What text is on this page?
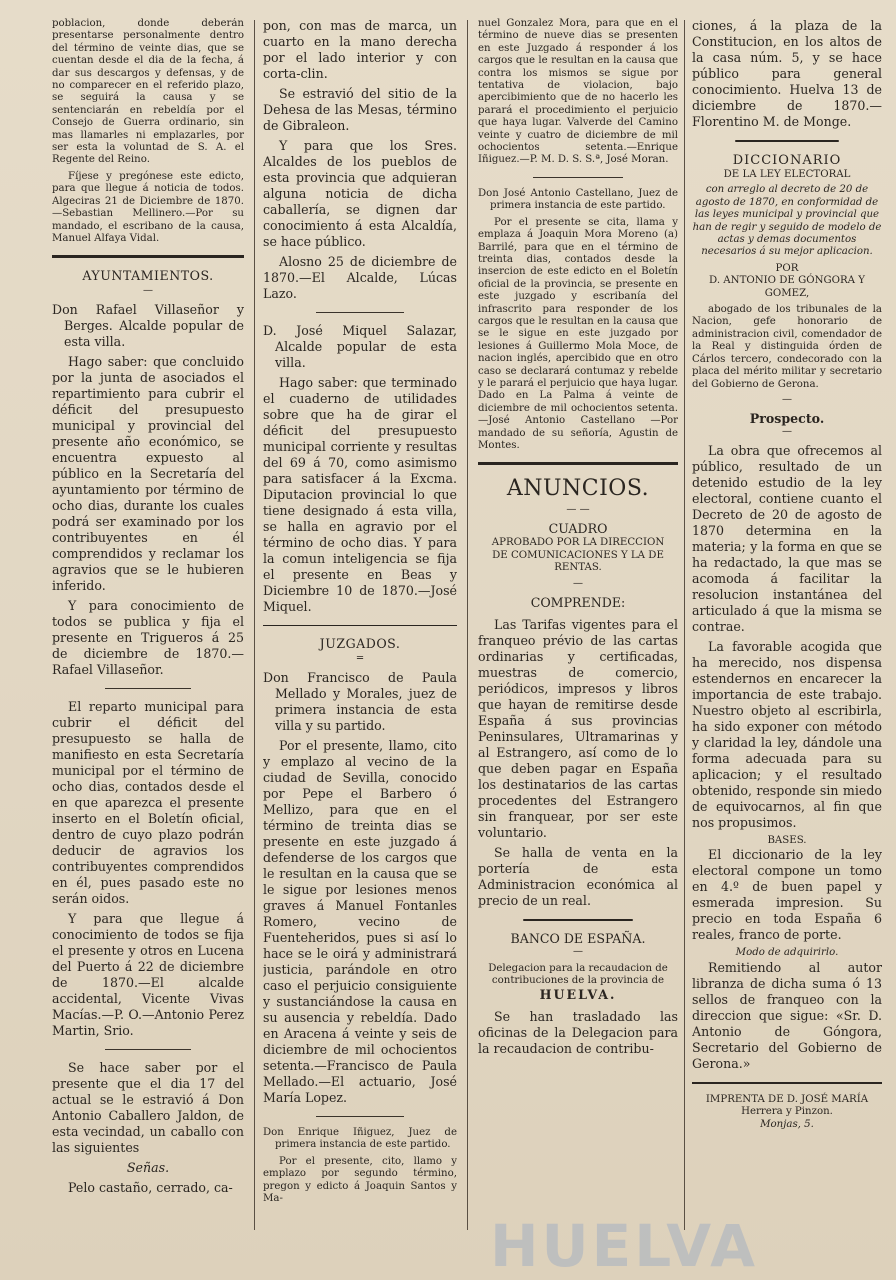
poblacion, donde deberán presentarse personalmente dentro del término de veinte dias, que se cuentan desde el dia de la fecha, á dar sus descargos y defensas, y de no comparecer en el referido plazo, se seguirá la causa y se sentenciarán en rebeldía por el Consejo de Guerra ordinario, sin mas llamarles ni emplazarles, por ser esta la voluntad de S. A. el Regente del Reino.

Fíjese y pregónese este edicto, para que llegue á noticia de todos. Algeciras 21 de Diciembre de 1870. —Sebastian Mellinero.—Por su mandado, el escribano de la causa, Manuel Alfaya Vidal.

AYUNTAMIENTOS.
—

Don Rafael Villaseñor y Berges. Alcalde popular de esta villa.

Hago saber: que concluido por la junta de asociados el repartimiento para cubrir el déficit del presupuesto municipal y provincial del presente año económico, se encuentra expuesto al público en la Secretaría del ayuntamiento por término de ocho dias, durante los cuales podrá ser examinado por los contribuyentes en él comprendidos y reclamar los agravios que se le hubieren inferido.

Y para conocimiento de todos se publica y fija el presente en Trigueros á 25 de diciembre de 1870.—Rafael Villaseñor.

El reparto municipal para cubrir el déficit del presupuesto se halla de manifiesto en esta Secretaría municipal por el término de ocho dias, contados desde el en que aparezca el presente inserto en el Boletín oficial, dentro de cuyo plazo podrán deducir de agravios los contribuyentes comprendidos en él, pues pasado este no serán oidos.

Y para que llegue á conocimiento de todos se fija el presente y otros en Lucena del Puerto á 22 de diciembre de 1870.—El alcalde accidental, Vicente Vivas Macías.—P. O.—Antonio Perez Martin, Srio.

Se hace saber por el presente que el dia 17 del actual se le estravió á Don Antonio Caballero Jaldon, de esta vecindad, un caballo con las siguientes

Señas.

Pelo castaño, cerrado, ca-

pon, con mas de marca, un cuarto en la mano derecha por el lado interior y con corta-clin.

Se estravió del sitio de la Dehesa de las Mesas, término de Gibraleon.

Y para que los Sres. Alcaldes de los pueblos de esta provincia que adquieran alguna noticia de dicha caballería, se dignen dar conocimiento á esta Alcaldía, se hace público.

Alosno 25 de diciembre de 1870.—El Alcalde, Lúcas Lazo.

D. José Miquel Salazar, Alcalde popular de esta villa.

Hago saber: que terminado el cuaderno de utilidades sobre que ha de girar el déficit del presupuesto municipal corriente y resultas del 69 á 70, como asimismo para satisfacer á la Excma. Diputacion provincial lo que tiene designado á esta villa, se halla en agravio por el término de ocho dias. Y para la comun inteligencia se fija el presente en Beas y Diciembre 10 de 1870.—José Miquel.

JUZGADOS.
═

Don Francisco de Paula Mellado y Morales, juez de primera instancia de esta villa y su partido.

Por el presente, llamo, cito y emplazo al vecino de la ciudad de Sevilla, conocido por Pepe el Barbero ó Mellizo, para que en el término de treinta dias se presente en este juzgado á defenderse de los cargos que le resultan en la causa que se le sigue por lesiones menos graves á Manuel Fontanles Romero, vecino de Fuenteheridos, pues si así lo hace se le oirá y administrará justicia, parándole en otro caso el perjuicio consiguiente y sustanciándose la causa en su ausencia y rebeldía. Dado en Aracena á veinte y seis de diciembre de mil ochocientos setenta.—Francisco de Paula Mellado.—El actuario, José María Lopez.

Don Enrique Iñiguez, Juez de primera instancia de este partido.

Por el presente, cito, llamo y emplazo por segundo término, pregon y edicto á Joaquin Santos y Ma-

nuel Gonzalez Mora, para que en el término de nueve dias se presenten en este Juzgado á responder á los cargos que le resultan en la causa que contra los mismos se sigue por tentativa de violacion, bajo apercibimiento que de no hacerlo les parará el procedimiento el perjuicio que haya lugar. Valverde del Camino veinte y cuatro de diciembre de mil ochocientos setenta.—Enrique Iñiguez.—P. M. D. S. S.ª, José Moran.

Don José Antonio Castellano, Juez de primera instancia de este partido.

Por el presente se cita, llama y emplaza á Joaquin Mora Moreno (a) Barrilé, para que en el término de treinta dias, contados desde la insercion de este edicto en el Boletín oficial de la provincia, se presente en este juzgado y escribanía del infrascrito para responder de los cargos que le resultan en la causa que se le sigue en este juzgado por lesiones á Guillermo Mola Moce, de nacion inglés, apercibido que en otro caso se declarará contumaz y rebelde y le parará el perjuicio que haya lugar. Dado en La Palma á veinte de diciembre de mil ochocientos setenta.—José Antonio Castellano —Por mandado de su señoría, Agustin de Montes.

ANUNCIOS.
— —
CUADRO
APROBADO POR LA DIRECCION
DE COMUNICACIONES Y LA DE RENTAS.
—
COMPRENDE:

Las Tarifas vigentes para el franqueo prévio de las cartas ordinarias y certificadas, muestras de comercio, periódicos, impresos y libros que hayan de remitirse desde España á sus provincias Peninsulares, Ultramarinas y al Estrangero, así como de lo que deben pagar en España los destinatarios de las cartas procedentes del Estrangero sin franquear, por ser este voluntario.

Se halla de venta en la portería de esta Administracion económica al precio de un real.

BANCO DE ESPAÑA.
—
Delegacion para la recaudacion de contribuciones de la provincia de
HUELVA.

Se han trasladado las oficinas de la Delegacion para la recaudacion de contribu-

ciones, á la plaza de la Constitucion, en los altos de la casa núm. 5, y se hace público para general conocimiento. Huelva 13 de diciembre de 1870.—Florentino M. de Monge.

DICCIONARIO
DE LA LEY ELECTORAL

con arreglo al decreto de 20 de agosto de 1870, en conformidad de las leyes municipal y provincial que han de regir y seguido de modelo de actas y demas documentos necesarios á su mejor aplicacion.

POR
D. ANTONIO DE GÓNGORA Y GOMEZ,

abogado de los tribunales de la Nacion, gefe honorario de administracion civil, comendador de la Real y distinguida órden de Cárlos tercero, condecorado con la placa del mérito militar y secretario del Gobierno de Gerona.

—
Prospecto.
—

La obra que ofrecemos al público, resultado de un detenido estudio de la ley electoral, contiene cuanto el Decreto de 20 de agosto de 1870 determina en la materia; y la forma en que se ha redactado, la que mas se acomoda á facilitar la resolucion instantánea del articulado á que la misma se contrae.

La favorable acogida que ha merecido, nos dispensa estendernos en encarecer la importancia de este trabajo. Nuestro objeto al escribirla, ha sido exponer con método y claridad la ley, dándole una forma adecuada para su aplicacion; y el resultado obtenido, responde sin miedo de equivocarnos, al fin que nos propusimos.

BASES.

El diccionario de la ley electoral compone un tomo en 4.º de buen papel y esmerada impresion. Su precio en toda España 6 reales, franco de porte.

Modo de adquirirlo.

Remitiendo al autor libranza de dicha suma ó 13 sellos de franqueo con la direccion que sigue: «Sr. D. Antonio de Góngora, Secretario del Gobierno de Gerona.»

IMPRENTA DE D. JOSÉ MARÍA Herrera y Pinzon.
Monjas, 5.
HUELVA
